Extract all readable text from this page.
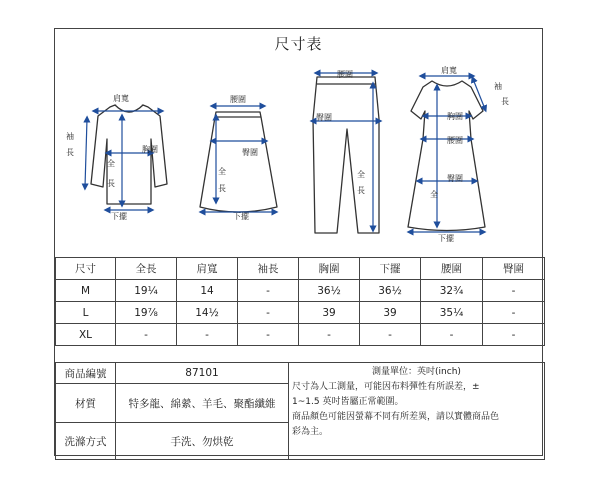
尺寸表
肩寬
袖
長	胸圍
全
長
下擺
腰圍
臀圍
全
長
下擺
腰圍
臀圍
全
長
肩寬
袖
長
胸圍
腰圍
臀圍
全
下擺
尺寸	全長	肩寬	袖長	胸圍	下擺	腰圍	臀圍
M	19¼	14	-	36½	36½	32¾	-
L	19⅞	14½	-	39	39	35¼	-
XL	-	-	-	-	-	-	-
商品編號	87101	測量單位：英吋(inch)
尺寸為人工測量，可能因布料彈性有所誤差，±
1~1.5 英吋皆屬正常範圍。
商品顏色可能因螢幕不同有所差異，請以實體商品色
彩為主。

材質	特多龍、綿縈、羊毛、聚酯纖維	
洗滌方式	手洗、勿烘乾	
